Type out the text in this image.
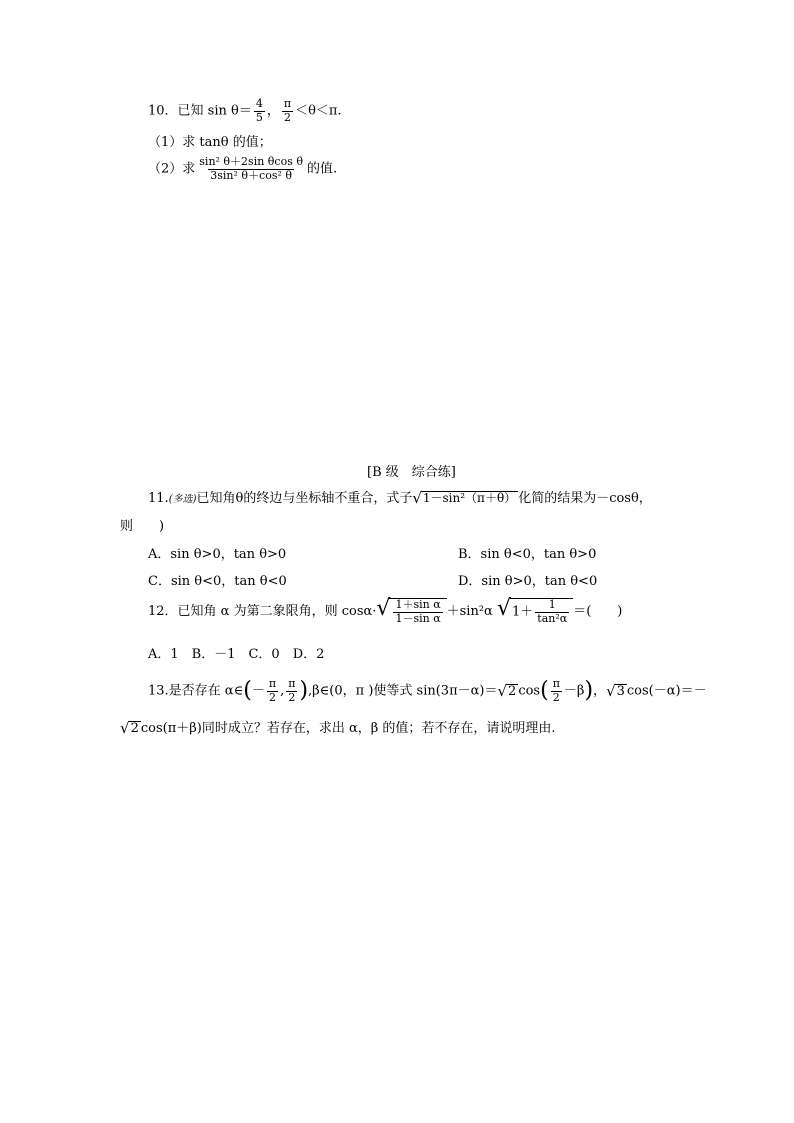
10．已知 $\sin \theta= \frac{4}{5}$ ， $\frac{\pi}{2} <\theta<\pi$.
（1）求 tanθ 的值；
（2）求 $\frac{\text{sin² θ＋2sin θcos θ}}{\text{3sin² θ＋cos² θ}}$ 的值.
[B 级　综合练]
11.(多选)已知角θ的终边与坐标轴不重合，式子 √ 1－sin²（π＋θ） 化简的结果为－cosθ，
则　　)
A．sin θ>0，tan θ>0	B．sin θ<0，tan θ>0
C．sin θ<0，tan θ<0	D．sin θ>0，tan θ<0
12．已知角 α 为第二象限角，则 cosα· √ $\frac{\text{1＋sin α}}{\text{1－sin α}} +\sin^2\alpha$ √ $1+ \frac{1}{\text{tan²α}}$ ＝(　　)
A．1　B．－1　C．0　D．2
13.是否存在 α∈(－ $\frac{\pi}{2}$ , $\frac{\pi}{2}$ ),β∈(0，π )使等式 sin(3π－α)＝ √ 2 $\cos( \frac{\pi}{2} -\beta)$， √ 3 cos(－α)＝－
√ 2 cos(π＋β)同时成立？若存在，求出 α，β 的值；若不存在，请说明理由.
